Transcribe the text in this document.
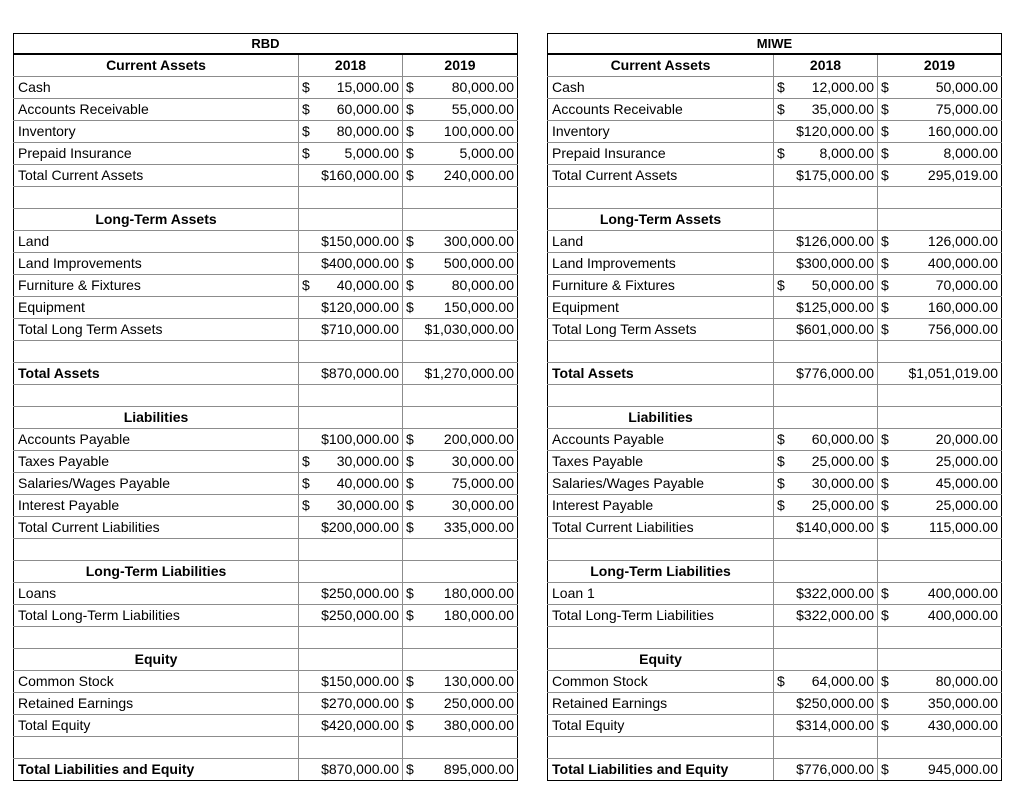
RBD		
Current Assets	2018	2019
Cash	$ 15,000.00	$ 80,000.00

Accounts Receivable	$ 60,000.00	$ 55,000.00

Inventory	$ 80,000.00	$ 100,000.00

Prepaid Insurance	$ 5,000.00	$ 5,000.00

Total Current Assets	$160,000.00	$ 240,000.00

Long-Term Assets		
Land	$150,000.00	$ 300,000.00

Land Improvements	$400,000.00	$ 500,000.00

Furniture & Fixtures	$ 40,000.00	$ 80,000.00

Equipment	$120,000.00	$ 150,000.00

Total Long Term Assets	$710,000.00	$1,030,000.00

Total Assets	$870,000.00	$1,270,000.00

Liabilities		
Accounts Payable	$100,000.00	$ 200,000.00

Taxes Payable	$ 30,000.00	$ 30,000.00

Salaries/Wages Payable	$ 40,000.00	$ 75,000.00

Interest Payable	$ 30,000.00	$ 30,000.00

Total Current Liabilities	$200,000.00	$ 335,000.00

Long-Term Liabilities		
Loans	$250,000.00	$ 180,000.00

Total Long-Term Liabilities	$250,000.00	$ 180,000.00

Equity		
Common Stock	$150,000.00	$ 130,000.00

Retained Earnings	$270,000.00	$ 250,000.00

Total Equity	$420,000.00	$ 380,000.00

Total Liabilities and Equity	$870,000.00	$ 895,000.00
MIWE		
Current Assets	2018	2019
Cash	$ 12,000.00	$ 50,000.00

Accounts Receivable	$ 35,000.00	$ 75,000.00

Inventory	$120,000.00	$ 160,000.00

Prepaid Insurance	$ 8,000.00	$ 8,000.00

Total Current Assets	$175,000.00	$ 295,019.00

Long-Term Assets		
Land	$126,000.00	$ 126,000.00

Land Improvements	$300,000.00	$ 400,000.00

Furniture & Fixtures	$ 50,000.00	$ 70,000.00

Equipment	$125,000.00	$ 160,000.00

Total Long Term Assets	$601,000.00	$ 756,000.00

Total Assets	$776,000.00	$1,051,019.00

Liabilities		
Accounts Payable	$ 60,000.00	$ 20,000.00

Taxes Payable	$ 25,000.00	$ 25,000.00

Salaries/Wages Payable	$ 30,000.00	$ 45,000.00

Interest Payable	$ 25,000.00	$ 25,000.00

Total Current Liabilities	$140,000.00	$ 115,000.00

Long-Term Liabilities		
Loan 1	$322,000.00	$ 400,000.00

Total Long-Term Liabilities	$322,000.00	$ 400,000.00

Equity		
Common Stock	$ 64,000.00	$ 80,000.00

Retained Earnings	$250,000.00	$ 350,000.00

Total Equity	$314,000.00	$ 430,000.00

Total Liabilities and Equity	$776,000.00	$ 945,000.00
